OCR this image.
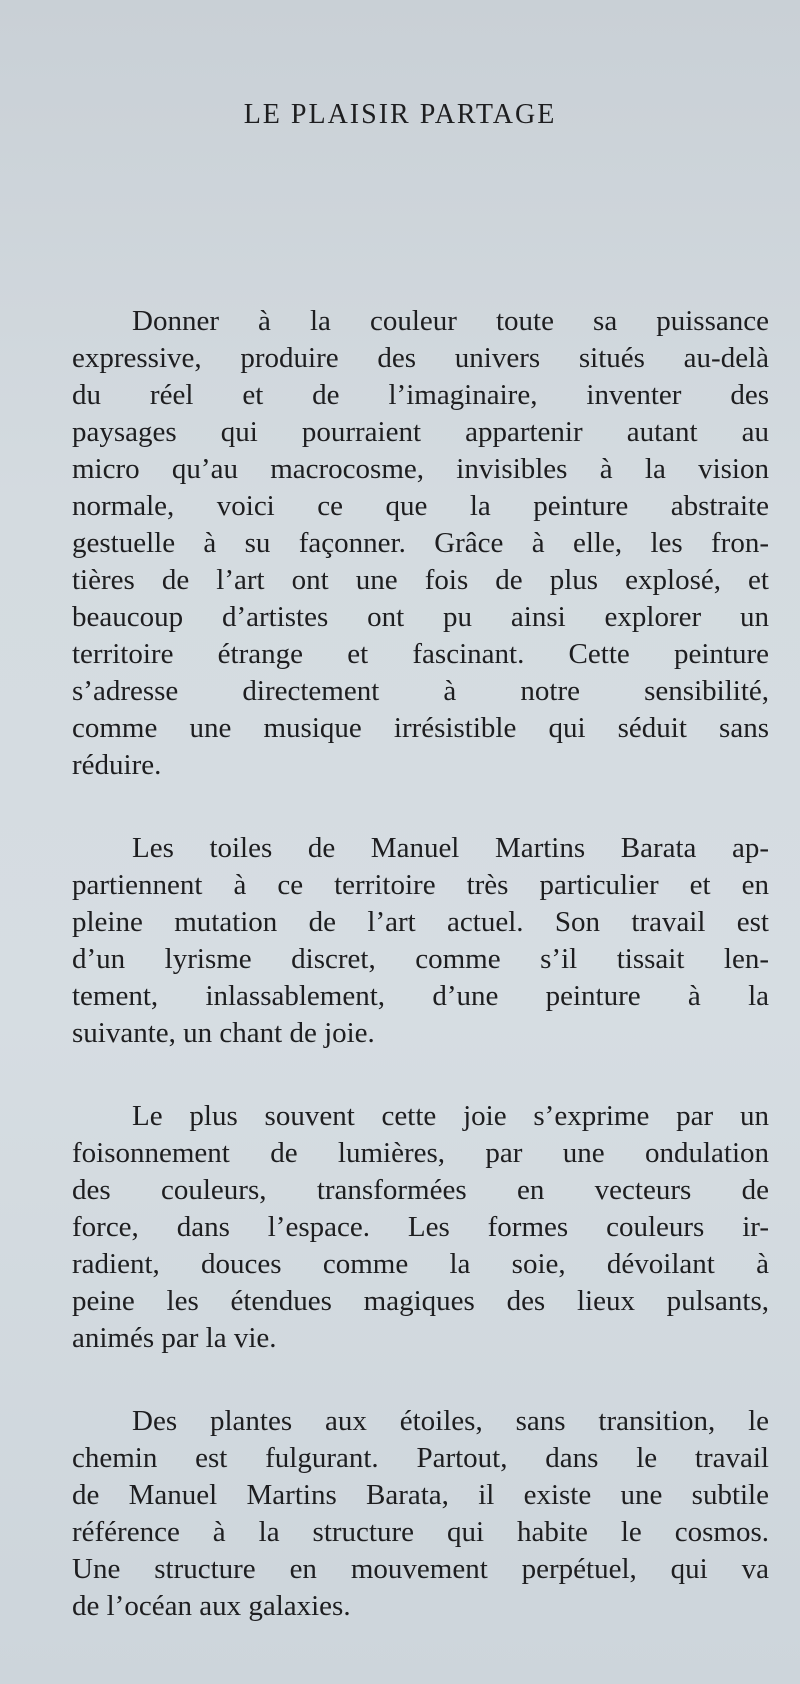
LE PLAISIR PARTAGE

Donner à la couleur toute sa puissance
expressive, produire des univers situés au-delà
du réel et de l’imaginaire, inventer des
paysages qui pourraient appartenir autant au
micro qu’au macrocosme, invisibles à la vision
normale, voici ce que la peinture abstraite
gestuelle à su façonner. Grâce à elle, les fron-
tières de l’art ont une fois de plus explosé, et
beaucoup d’artistes ont pu ainsi explorer un
territoire étrange et fascinant. Cette peinture
s’adresse directement à notre sensibilité,
comme une musique irrésistible qui séduit sans
réduire.

Les toiles de Manuel Martins Barata ap-
partiennent à ce territoire très particulier et en
pleine mutation de l’art actuel. Son travail est
d’un lyrisme discret, comme s’il tissait len-
tement, inlassablement, d’une peinture à la
suivante, un chant de joie.

Le plus souvent cette joie s’exprime par un
foisonnement de lumières, par une ondulation
des couleurs, transformées en vecteurs de
force, dans l’espace. Les formes couleurs ir-
radient, douces comme la soie, dévoilant à
peine les étendues magiques des lieux pulsants,
animés par la vie.

Des plantes aux étoiles, sans transition, le
chemin est fulgurant. Partout, dans le travail
de Manuel Martins Barata, il existe une subtile
référence à la structure qui habite le cosmos.
Une structure en mouvement perpétuel, qui va
de l’océan aux galaxies.
